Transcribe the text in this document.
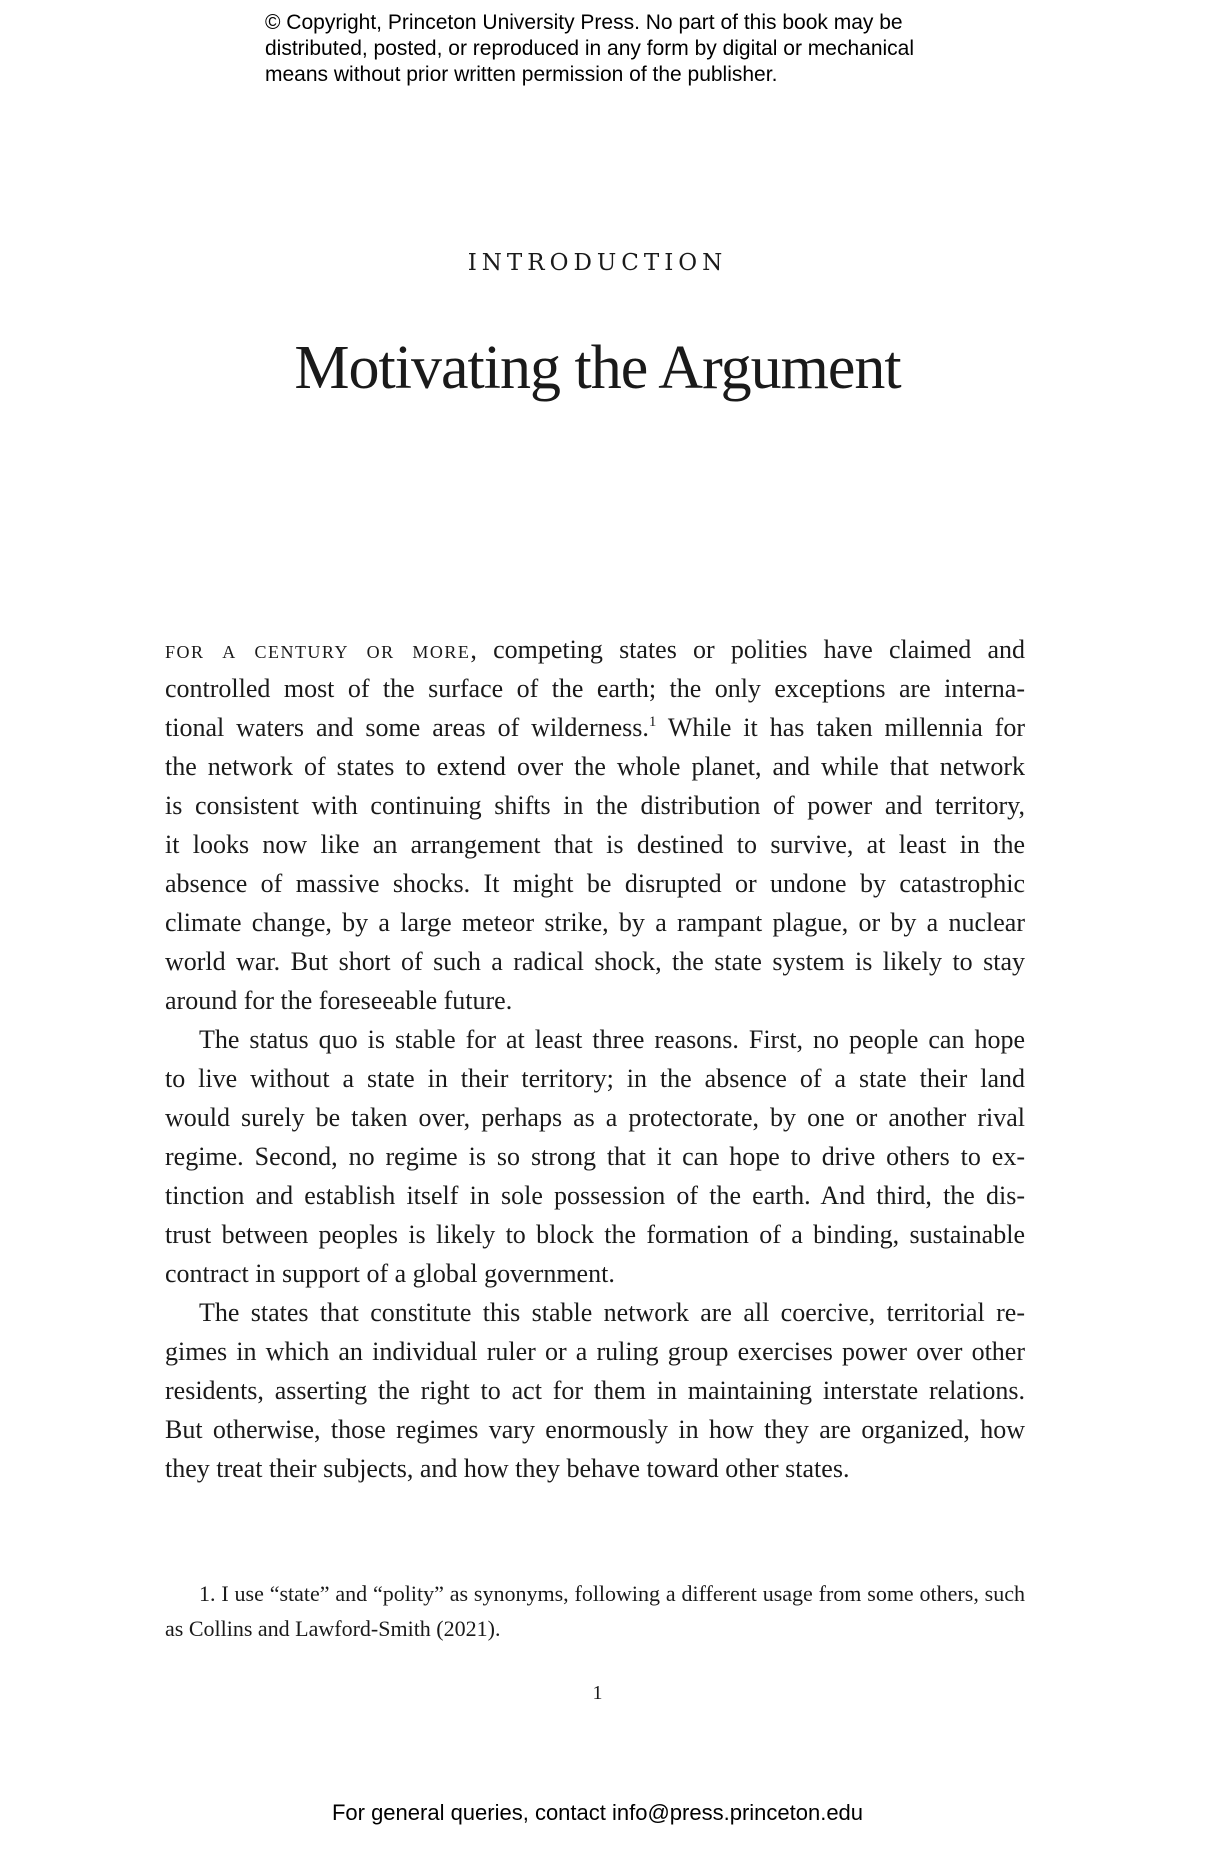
© Copyright, Princeton University Press. No part of this book may be
distributed, posted, or reproduced in any form by digital or mechanical
means without prior written permission of the publisher.
INTRODUCTION
Motivating the Argument
for a century or more, competing states or polities have claimed and
controlled most of the surface of the earth; the only exceptions are interna-
tional waters and some areas of wilderness.$^1$ While it has taken millennia for
the network of states to extend over the whole planet, and while that network
is consistent with continuing shifts in the distribution of power and territory,
it looks now like an arrangement that is destined to survive, at least in the
absence of massive shocks. It might be disrupted or undone by catastrophic
climate change, by a large meteor strike, by a rampant plague, or by a nuclear
world war. But short of such a radical shock, the state system is likely to stay
around for the foreseeable future.
The status quo is stable for at least three reasons. First, no people can hope
to live without a state in their territory; in the absence of a state their land
would surely be taken over, perhaps as a protectorate, by one or another rival
regime. Second, no regime is so strong that it can hope to drive others to ex-
tinction and establish itself in sole possession of the earth. And third, the dis-
trust between peoples is likely to block the formation of a binding, sustainable
contract in support of a global government.
The states that constitute this stable network are all coercive, territorial re-
gimes in which an individual ruler or a ruling group exercises power over other
residents, asserting the right to act for them in maintaining interstate relations.
But otherwise, those regimes vary enormously in how they are organized, how
they treat their subjects, and how they behave toward other states.
1. I use “state” and “polity” as synonyms, following a different usage from some others, such
as Collins and Lawford-Smith (2021).
1
For general queries, contact info@press.princeton.edu
